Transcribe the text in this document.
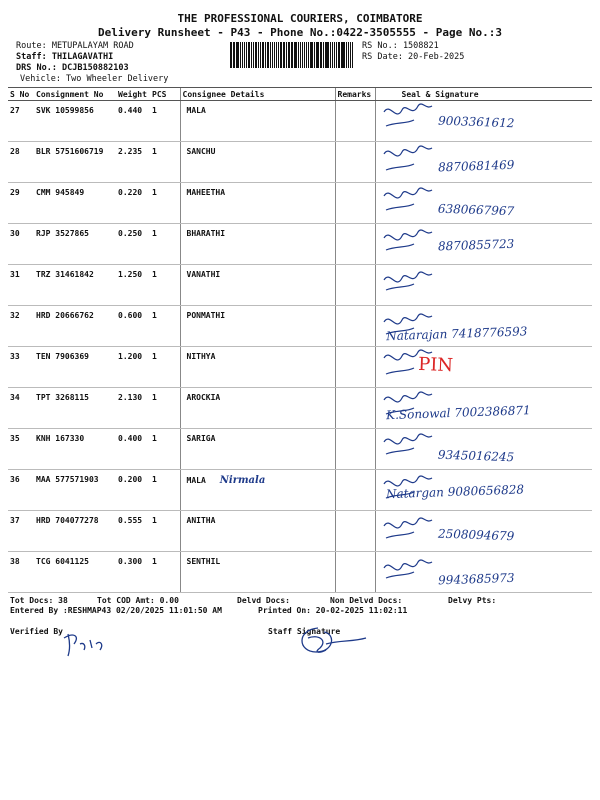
THE PROFESSIONAL COURIERS, COIMBATORE
Delivery Runsheet - P43 - Phone No.:0422-3505555 - Page No.:3
Route: METUPALAYAM ROAD
Staff: THILAGAVATHI
DRS No.: DCJB150882103
Vehicle: Two Wheeler Delivery
RS No.: 1508821
RS Date: 20-Feb-2025
S No	Consignment No	Weight	PCS	Consignee Details	Remarks	Seal & Signature
27	SVK 10599856	0.440	1	MALA		9003361612

28	BLR 5751606719	2.235	1	SANCHU		8870681469

29	CMM 945849	0.220	1	MAHEETHA		6380667967

30	RJP 3527865	0.250	1	BHARATHI		8870855723

31	TRZ 31461842	1.250	1	VANATHI		

32	HRD 20666762	0.600	1	PONMATHI		Natarajan 7418776593

33	TEN 7906369	1.200	1	NITHYA		PIN

34	TPT 3268115	2.130	1	AROCKIA		K.Sonowal 7002386871

35	KNH 167330	0.400	1	SARIGA		9345016245

36	MAA 577571903	0.200	1	MALA Nirmala		Natargan 9080656828

37	HRD 704077278	0.555	1	ANITHA		2508094679

38	TCG 6041125	0.300	1	SENTHIL		9943685973
Tot Docs: 38	Tot COD Amt: 0.00	Delvd Docs:	Non Delvd Docs:	Delvy Pts:
Entered By :RESHMAP43 02/20/2025 11:01:50 AM	Printed On: 20-02-2025 11:02:11
Verified By	Staff Signature
